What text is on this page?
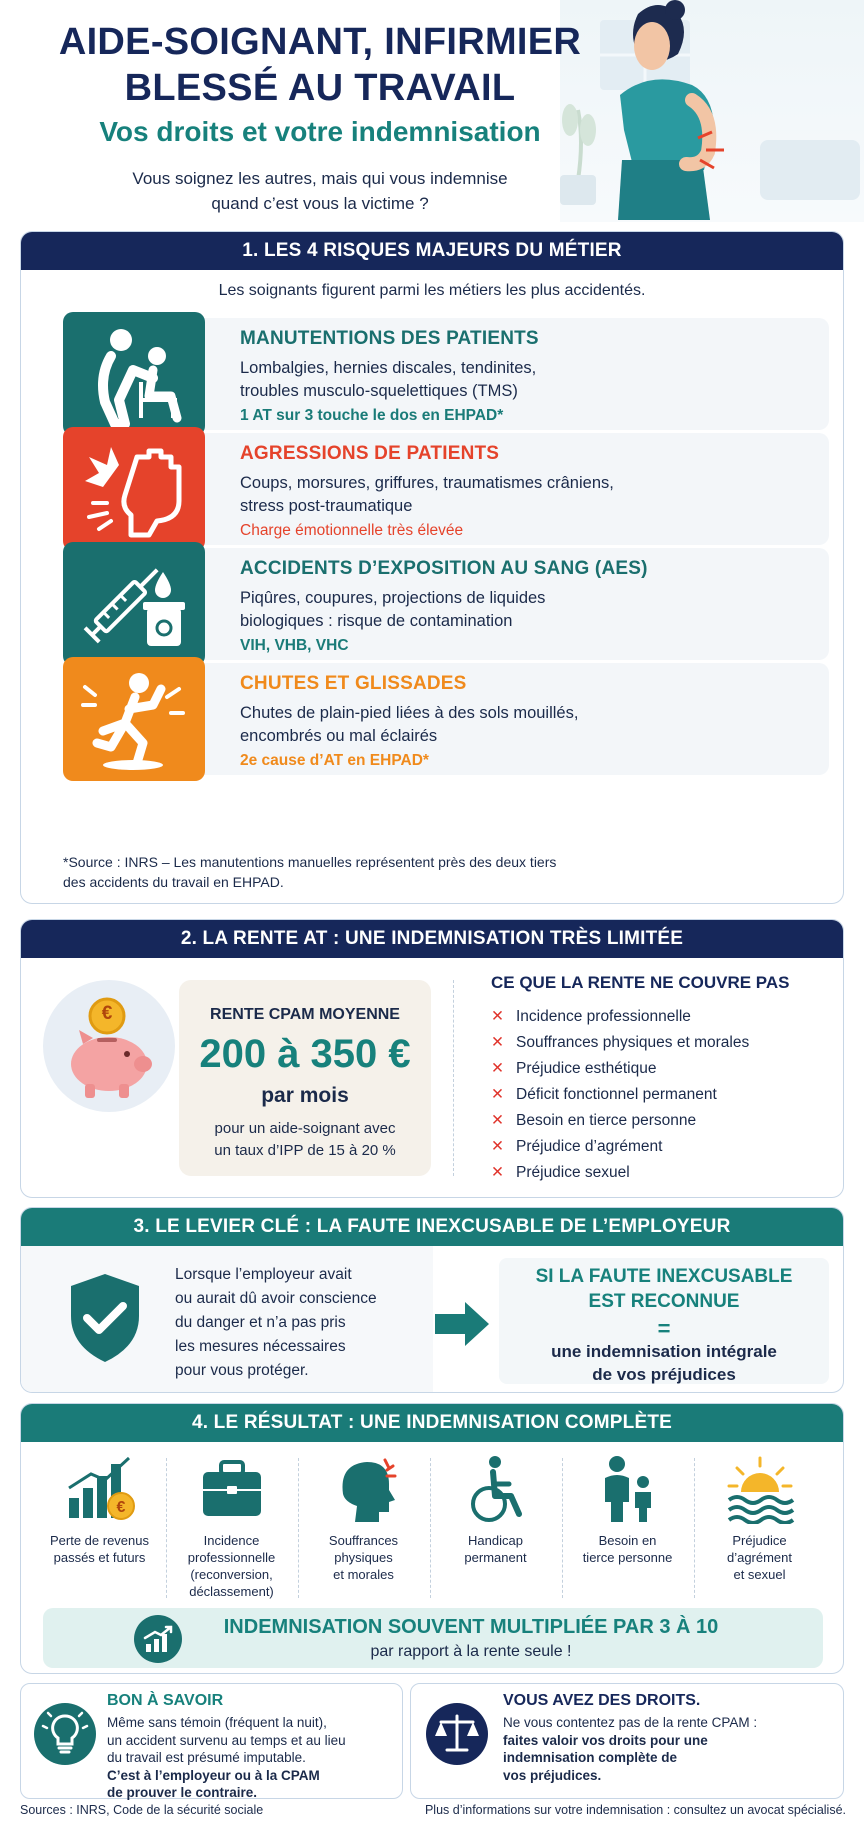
AIDE-SOIGNANT, INFIRMIER
BLESSÉ AU TRAVAIL
Vos droits et votre indemnisation
Vous soignez les autres, mais qui vous indemnise
quand c’est vous la victime ?
1. LES 4 RISQUES MAJEURS DU MÉTIER
Les soignants figurent parmi les métiers les plus accidentés.
MANUTENTIONS DES PATIENTS
Lombalgies, hernies discales, tendinites,
troubles musculo-squelettiques (TMS)
1 AT sur 3 touche le dos en EHPAD*
AGRESSIONS DE PATIENTS
Coups, morsures, griffures, traumatismes crâniens,
stress post-traumatique
Charge émotionnelle très élevée
ACCIDENTS D’EXPOSITION AU SANG (AES)
Piqûres, coupures, projections de liquides
biologiques : risque de contamination
VIH, VHB, VHC
CHUTES ET GLISSADES
Chutes de plain-pied liées à des sols mouillés,
encombrés ou mal éclairés
2e cause d’AT en EHPAD*
*Source : INRS – Les manutentions manuelles représentent près des deux tiers
des accidents du travail en EHPAD.
2. LA RENTE AT : UNE INDEMNISATION TRÈS LIMITÉE
€	RENTE CPAM MOYENNE
200 à 350 €
par mois
pour un aide-soignant avec
un taux d’IPP de 15 à 20 %
CE QUE LA RENTE NE COUVRE PAS
✕ Incidence professionnelle
✕ Souffrances physiques et morales
✕ Préjudice esthétique
✕ Déficit fonctionnel permanent
✕ Besoin en tierce personne
✕ Préjudice d’agrément
✕ Préjudice sexuel
3. LE LEVIER CLÉ : LA FAUTE INEXCUSABLE DE L’EMPLOYEUR
Lorsque l’employeur avait
ou aurait dû avoir conscience
du danger et n’a pas pris
les mesures nécessaires
pour vous protéger.
SI LA FAUTE INEXCUSABLE
EST RECONNUE
=
une indemnisation intégrale
de vos préjudices
4. LE RÉSULTAT : UNE INDEMNISATION COMPLÈTE
€
Perte de revenus
passés et futurs
Incidence
professionnelle
(reconversion,
déclassement)
Souffrances
physiques
et morales
Handicap
permanent
Besoin en
tierce personne
Préjudice
d’agrément
et sexuel
INDEMNISATION SOUVENT MULTIPLIÉE PAR 3 À 10
par rapport à la rente seule !
BON À SAVOIR
Même sans témoin (fréquent la nuit),
un accident survenu au temps et au lieu
du travail est présumé imputable.
C’est à l’employeur ou à la CPAM
de prouver le contraire.
VOUS AVEZ DES DROITS.
Ne vous contentez pas de la rente CPAM :
faites valoir vos droits pour une
indemnisation complète de
vos préjudices.
Sources : INRS, Code de la sécurité sociale	Plus d’informations sur votre indemnisation : consultez un avocat spécialisé.
